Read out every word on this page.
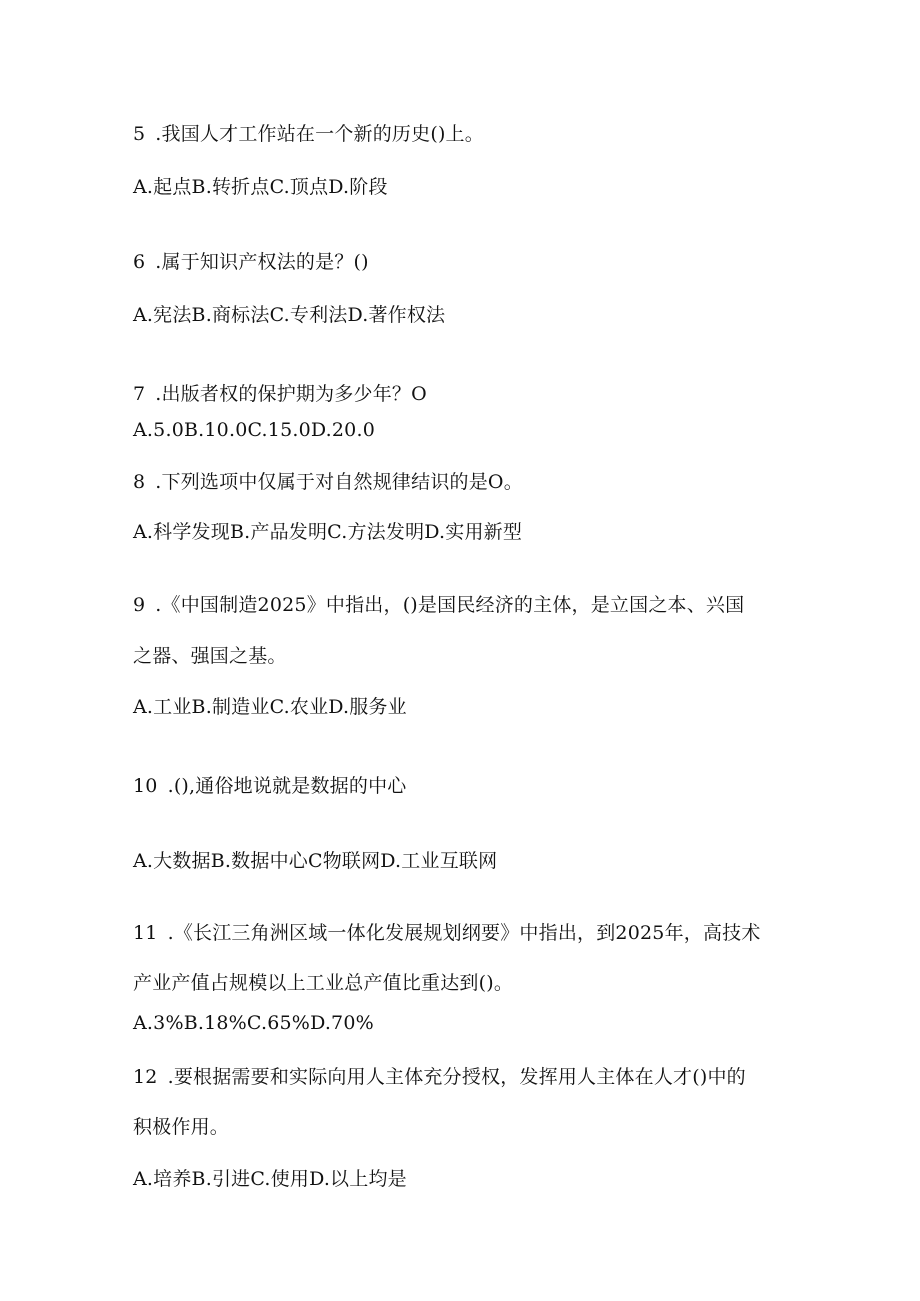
5 .我国人才工作站在一个新的历史()上。
A.起点B.转折点C.顶点D.阶段
6 .属于知识产权法的是？()
A.宪法B.商标法C.专利法D.著作权法
7 .出版者权的保护期为多少年？O
A.5.0B.10.0C.15.0D.20.0
8 .下列选项中仅属于对自然规律结识的是O。
A.科学发现B.产品发明C.方法发明D.实用新型
9 .《中国制造2025》中指出，()是国民经济的主体，是立国之本、兴国
之器、强国之基。
A.工业B.制造业C.农业D.服务业
10 .(),通俗地说就是数据的中心
A.大数据B.数据中心C物联网D.工业互联网
11 .《长江三角洲区域一体化发展规划纲要》中指出，到2025年，高技术
产业产值占规模以上工业总产值比重达到()。
A.3%B.18%C.65%D.70%
12 .要根据需要和实际向用人主体充分授权，发挥用人主体在人才()中的
积极作用。
A.培养B.引进C.使用D.以上均是
